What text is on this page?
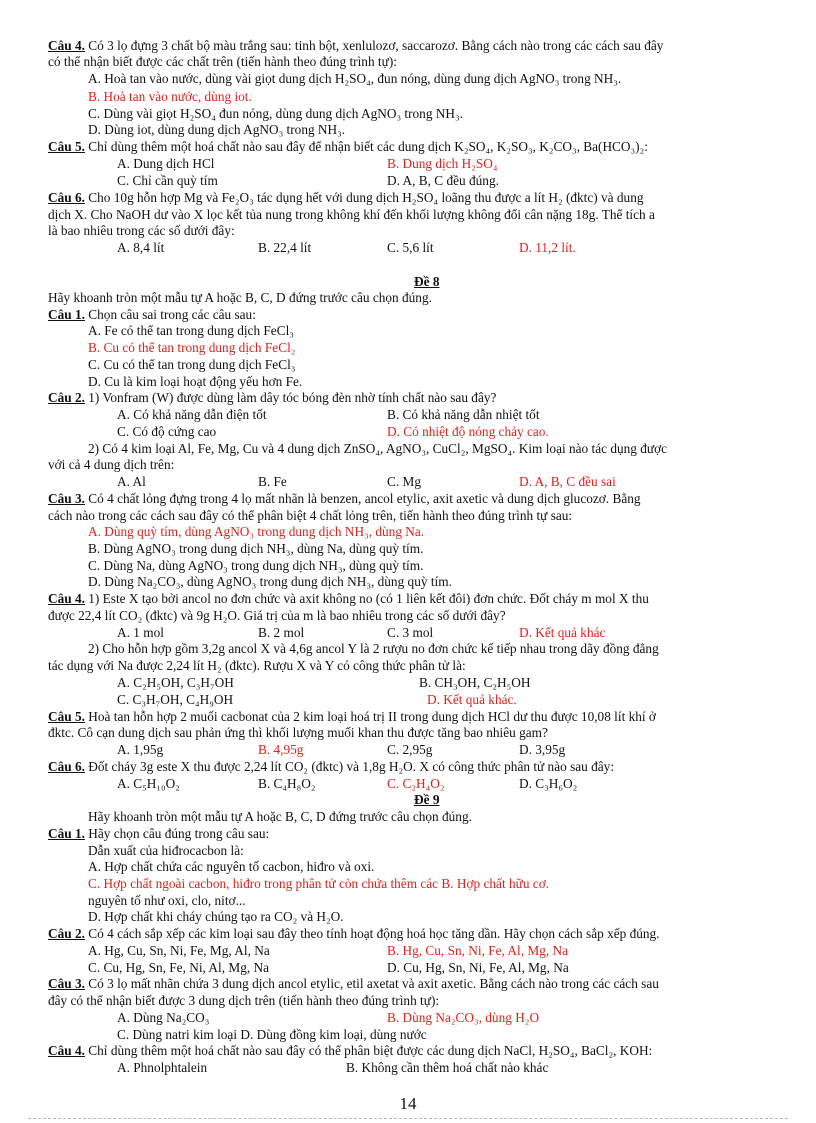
Câu 4. Có 3 lọ đựng 3 chất bộ màu trắng sau: tinh bột, xenlulozơ, saccarozơ. Bằng cách nào trong các cách sau đây
có thể nhận biết được các chất trên (tiến hành theo đúng trình tự):
A. Hoà tan vào nước, dùng vài giọt dung dịch H₂SO₄, đun nóng, dùng dung dịch AgNO₃ trong NH₃.
B. Hoà tan vào nước, dùng iot.
C. Dùng vài giọt H₂SO₄ đun nóng, dùng dung dịch AgNO₃ trong NH₃.
D. Dùng iot, dùng dung dịch AgNO₃ trong NH₃.
Câu 5. Chỉ dùng thêm một hoá chất nào sau đây để nhận biết các dung dịch K₂SO₄, K₂SO₃, K₂CO₃, Ba(HCO₃)₂:
A. Dung dịch HCl	B. Dung dịch H₂SO₄
C. Chỉ cần quỳ tím	D. A, B, C đều đúng.
Câu 6. Cho 10g hỗn hợp Mg và Fe₂O₃ tác dụng hết với dung dịch H₂SO₄ loãng thu được a lít H₂ (đktc) và dung
dịch X. Cho NaOH dư vào X lọc kết tủa nung trong không khí đến khối lượng không đổi cân nặng 18g. Thể tích a
là bao nhiêu trong các số dưới đây:
A. 8,4 lít	B. 22,4 lít	C. 5,6 lít	D. 11,2 lít.
Đề 8
Hãy khoanh tròn một mẫu tự A hoặc B, C, D đứng trước câu chọn đúng.
Câu 1. Chọn câu sai trong các câu sau:
A. Fe có thể tan trong dung dịch FeCl₃
B. Cu có thể tan trong dung dịch FeCl₂
C. Cu có thể tan trong dung dịch FeCl₃
D. Cu là kim loại hoạt động yếu hơn Fe.
Câu 2. 1) Vonfram (W) được dùng làm dây tóc bóng đèn nhờ tính chất nào sau đây?
A. Có khả năng dẫn điện tốt	B. Có khả năng dẫn nhiệt tốt
C. Có độ cứng cao	D. Có nhiệt độ nóng chảy cao.
2) Có 4 kim loại Al, Fe, Mg, Cu và 4 dung dịch ZnSO₄, AgNO₃, CuCl₂, MgSO₄. Kim loại nào tác dụng được
với cả 4 dung dịch trên:
A. Al	B. Fe	C. Mg	D. A, B, C đều sai
Câu 3. Có 4 chất lỏng đựng trong 4 lọ mất nhãn là benzen, ancol etylic, axit axetic và dung dịch glucozơ. Bằng
cách nào trong các cách sau đây có thể phân biệt 4 chất lỏng trên, tiến hành theo đúng trình tự sau:
A. Dùng quỳ tím, dùng AgNO₃ trong dung dịch NH₃, dùng Na.
B. Dùng AgNO₃ trong dung dịch NH₃, dùng Na, dùng quỳ tím.
C. Dùng Na, dùng AgNO₃ trong dung dịch NH₃, dùng quỳ tím.
D. Dùng Na₂CO₃, dùng AgNO₃ trong dung dịch NH₃, dùng quỳ tím.
Câu 4. 1) Este X tạo bởi ancol no đơn chức và axit không no (có 1 liên kết đôi) đơn chức. Đốt cháy m mol X thu
được 22,4 lít CO₂ (đktc) và 9g H₂O. Giá trị của m là bao nhiêu trong các số dưới đây?
A. 1 mol	B. 2 mol	C. 3 mol	D. Kết quả khác
2) Cho hỗn hợp gồm 3,2g ancol X và 4,6g ancol Y là 2 rượu no đơn chức kế tiếp nhau trong dãy đồng đẳng
tác dụng với Na được 2,24 lít H₂ (đktc). Rượu X và Y có công thức phân tử là:
A. C₂H₅OH, C₃H₇OH	B. CH₃OH, C₂H₅OH
C. C₃H₇OH, C₄H₉OH	D. Kết quả khác.
Câu 5. Hoà tan hỗn hợp 2 muối cacbonat của 2 kim loại hoá trị II trong dung dịch HCl dư thu được 10,08 lít khí ở
đktc. Cô cạn dung dịch sau phản ứng thì khối lượng muối khan thu được tăng bao nhiêu gam?
A. 1,95g	B. 4,95g	C. 2,95g	D. 3,95g
Câu 6. Đốt cháy 3g este X thu được 2,24 lít CO₂ (đktc) và 1,8g H₂O. X có công thức phân tử nào sau đây:
A. C₅H₁₀O₂	B. C₄H₈O₂	C. C₂H₄O₂	D. C₃H₆O₂
Đề 9
Hãy khoanh tròn một mẫu tự A hoặc B, C, D đứng trước câu chọn đúng.
Câu 1. Hãy chọn câu đúng trong câu sau:
Dẫn xuất của hiđrocacbon là:
A. Hợp chất chứa các nguyên tố cacbon, hiđro và oxi.
C. Hợp chất ngoài cacbon, hiđro trong phân tử còn chứa thêm các B. Hợp chất hữu cơ.
nguyên tố như oxi, clo, nitơ...
D. Hợp chất khi cháy chúng tạo ra CO₂ và H₂O.
Câu 2. Có 4 cách sắp xếp các kim loại sau đây theo tính hoạt động hoá học tăng dần. Hãy chọn cách sắp xếp đúng.
A. Hg, Cu, Sn, Ni, Fe, Mg, Al, Na	B. Hg, Cu, Sn, Ni, Fe, Al, Mg, Na
C. Cu, Hg, Sn, Fe, Ni, Al, Mg, Na	D. Cu, Hg, Sn, Ni, Fe, Al, Mg, Na
Câu 3. Có 3 lọ mất nhãn chứa 3 dung dịch ancol etylic, etil axetat và axit axetic. Bằng cách nào trong các cách sau
đây có thể nhận biết được 3 dung dịch trên (tiến hành theo đúng trình tự):
A. Dùng Na₂CO₃	B. Dùng Na₂CO₃, dùng H₂O
C. Dùng natri kim loại D. Dùng đồng kim loại, dùng nước
Câu 4. Chỉ dùng thêm một hoá chất nào sau đây có thể phân biệt được các dung dịch NaCl, H₂SO₄, BaCl₂, KOH:
A. Phnolphtalein	B. Không cần thêm hoá chất nào khác
14
